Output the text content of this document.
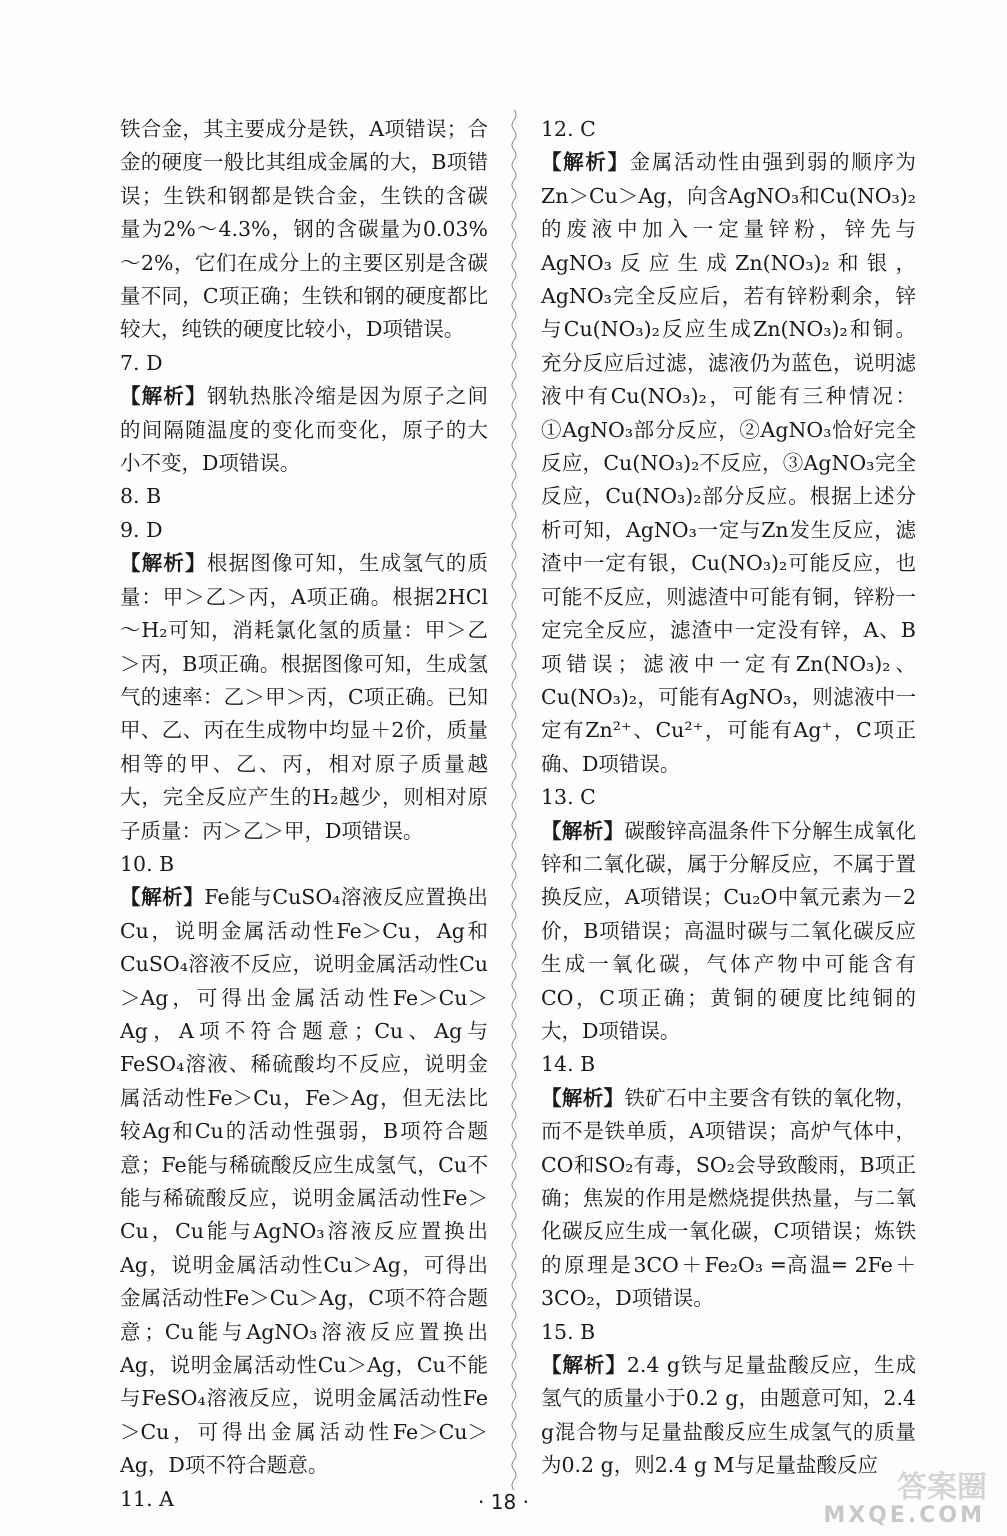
铁合金，其主要成分是铁，A项错误；合金的硬度一般比其组成金属的大，B项错误；生铁和钢都是铁合金，生铁的含碳量为2%～4.3%，钢的含碳量为0.03%～2%，它们在成分上的主要区别是含碳量不同，C项正确；生铁和钢的硬度都比较大，纯铁的硬度比较小，D项错误。

7. D

【解析】钢轨热胀冷缩是因为原子之间的间隔随温度的变化而变化，原子的大小不变，D项错误。

8. B

9. D

【解析】根据图像可知，生成氢气的质量：甲＞乙＞丙，A项正确。根据2HCl～H₂可知，消耗氯化氢的质量：甲＞乙＞丙，B项正确。根据图像可知，生成氢气的速率：乙＞甲＞丙，C项正确。已知甲、乙、丙在生成物中均显＋2价，质量相等的甲、乙、丙，相对原子质量越大，完全反应产生的H₂越少，则相对原子质量：丙＞乙＞甲，D项错误。

10. B

【解析】Fe能与CuSO₄溶液反应置换出Cu，说明金属活动性Fe＞Cu，Ag和CuSO₄溶液不反应，说明金属活动性Cu＞Ag，可得出金属活动性Fe＞Cu＞Ag，A项不符合题意；Cu、Ag与FeSO₄溶液、稀硫酸均不反应，说明金属活动性Fe＞Cu，Fe＞Ag，但无法比较Ag和Cu的活动性强弱，B项符合题意；Fe能与稀硫酸反应生成氢气，Cu不能与稀硫酸反应，说明金属活动性Fe＞Cu，Cu能与AgNO₃溶液反应置换出Ag，说明金属活动性Cu＞Ag，可得出金属活动性Fe＞Cu＞Ag，C项不符合题意；Cu能与AgNO₃溶液反应置换出Ag，说明金属活动性Cu＞Ag，Cu不能与FeSO₄溶液反应，说明金属活动性Fe＞Cu，可得出金属活动性Fe＞Cu＞Ag，D项不符合题意。

11. A

12. C

【解析】金属活动性由强到弱的顺序为Zn＞Cu＞Ag，向含AgNO₃和Cu(NO₃)₂的废液中加入一定量锌粉，锌先与AgNO₃反应生成Zn(NO₃)₂和银，AgNO₃完全反应后，若有锌粉剩余，锌与Cu(NO₃)₂反应生成Zn(NO₃)₂和铜。充分反应后过滤，滤液仍为蓝色，说明滤液中有Cu(NO₃)₂，可能有三种情况：①AgNO₃部分反应，②AgNO₃恰好完全反应，Cu(NO₃)₂不反应，③AgNO₃完全反应，Cu(NO₃)₂部分反应。根据上述分析可知，AgNO₃一定与Zn发生反应，滤渣中一定有银，Cu(NO₃)₂可能反应，也可能不反应，则滤渣中可能有铜，锌粉一定完全反应，滤渣中一定没有锌，A、B项错误；滤液中一定有Zn(NO₃)₂、Cu(NO₃)₂，可能有AgNO₃，则滤液中一定有Zn²⁺、Cu²⁺，可能有Ag⁺，C项正确、D项错误。

13. C

【解析】碳酸锌高温条件下分解生成氧化锌和二氧化碳，属于分解反应，不属于置换反应，A项错误；Cu₂O中氧元素为－2价，B项错误；高温时碳与二氧化碳反应生成一氧化碳，气体产物中可能含有CO，C项正确；黄铜的硬度比纯铜的大，D项错误。

14. B

【解析】铁矿石中主要含有铁的氧化物，而不是铁单质，A项错误；高炉气体中，CO和SO₂有毒，SO₂会导致酸雨，B项正确；焦炭的作用是燃烧提供热量，与二氧化碳反应生成一氧化碳，C项错误；炼铁的原理是3CO＋Fe₂O₃ ═高温═ 2Fe＋3CO₂，D项错误。

15. B

【解析】2.4 g铁与足量盐酸反应，生成氢气的质量小于0.2 g，由题意可知，2.4 g混合物与足量盐酸反应生成氢气的质量为0.2 g，则2.4 g M与足量盐酸反应

· 18 ·	答案圈
MXQE.COM
